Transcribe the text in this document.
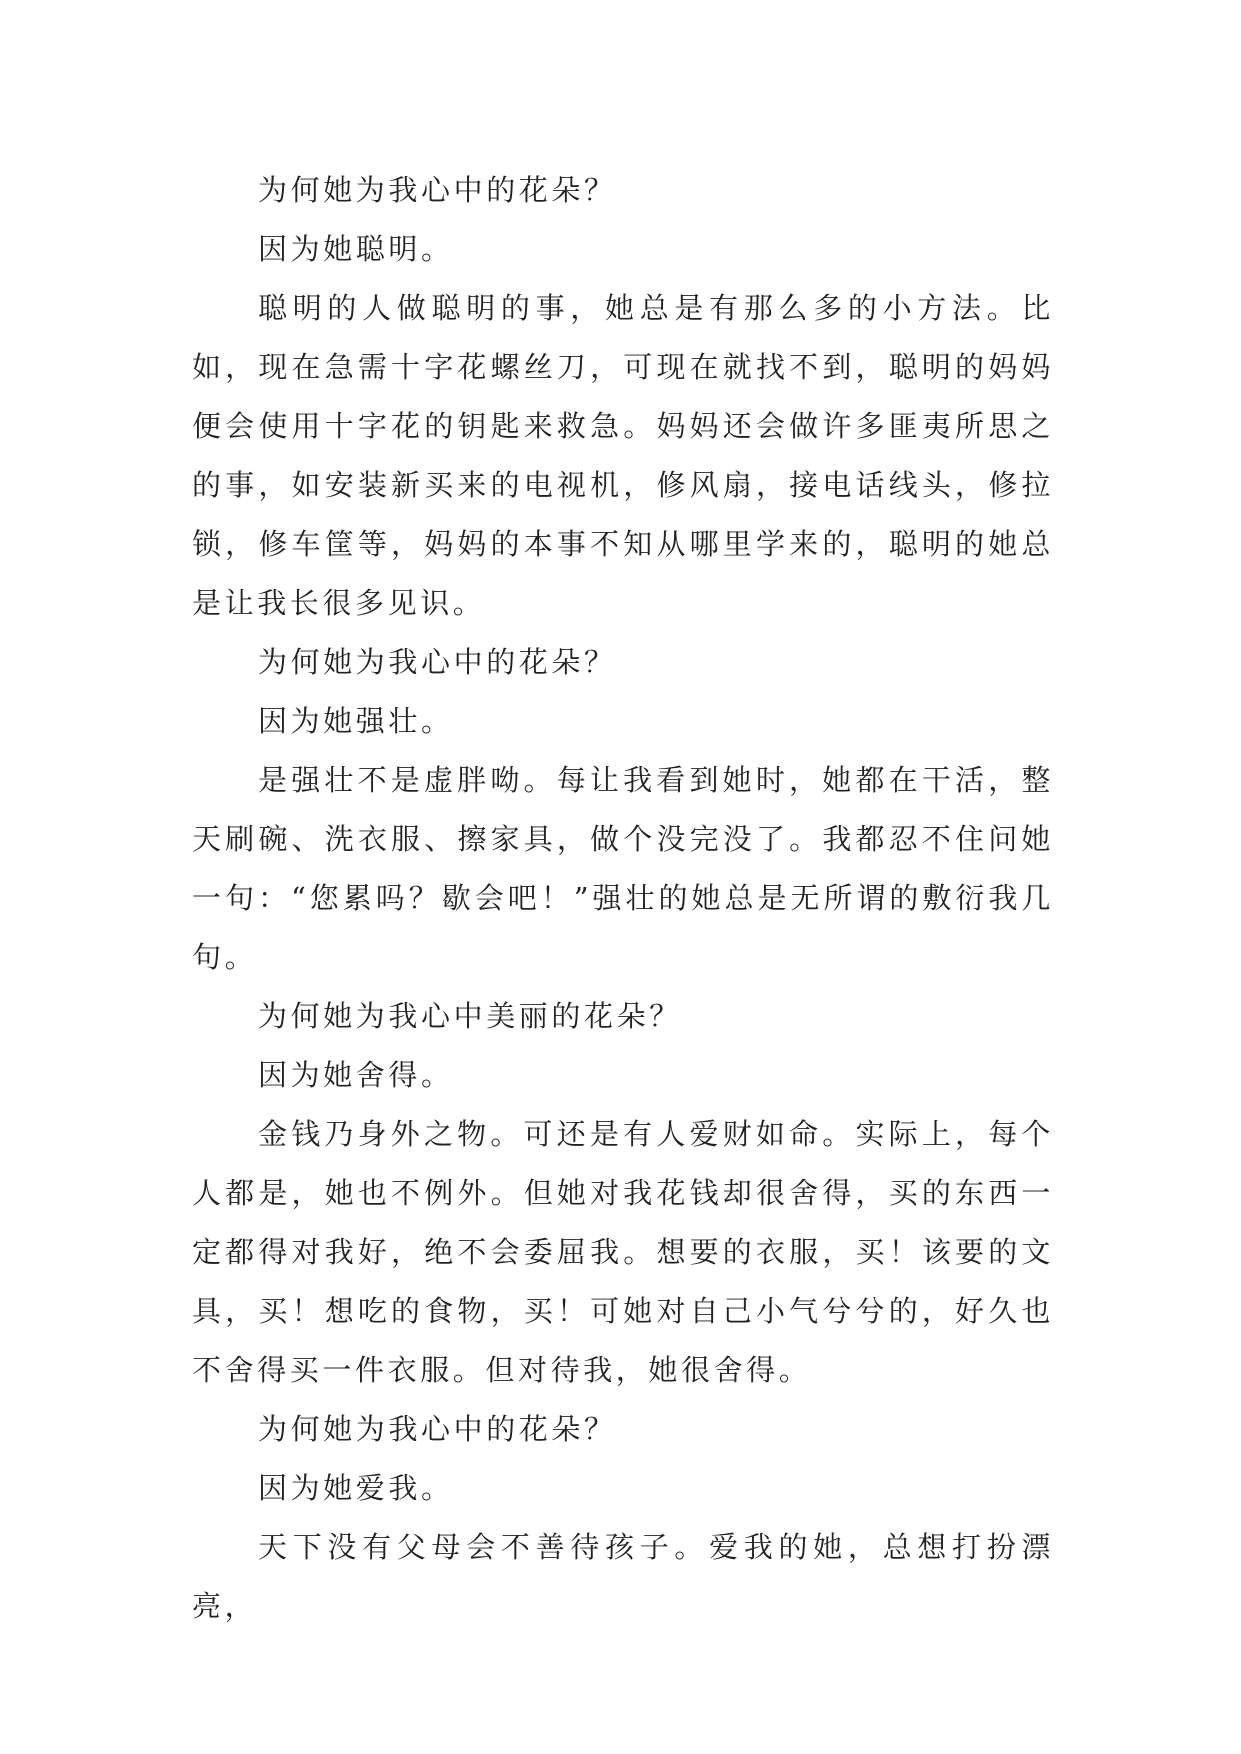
为何她为我心中的花朵？

因为她聪明。

聪明的人做聪明的事，她总是有那么多的小方法。比如，现在急需十字花螺丝刀，可现在就找不到，聪明的妈妈便会使用十字花的钥匙来救急。妈妈还会做许多匪夷所思之的事，如安装新买来的电视机，修风扇，接电话线头，修拉锁，修车筐等，妈妈的本事不知从哪里学来的，聪明的她总是让我长很多见识。

为何她为我心中的花朵？

因为她强壮。

是强壮不是虚胖呦。每让我看到她时，她都在干活，整天刷碗、洗衣服、擦家具，做个没完没了。我都忍不住问她一句：“您累吗？歇会吧！”强壮的她总是无所谓的敷衍我几句。

为何她为我心中美丽的花朵？

因为她舍得。

金钱乃身外之物。可还是有人爱财如命。实际上，每个人都是，她也不例外。但她对我花钱却很舍得，买的东西一定都得对我好，绝不会委屈我。想要的衣服，买！该要的文具，买！想吃的食物，买！可她对自己小气兮兮的，好久也不舍得买一件衣服。但对待我，她很舍得。

为何她为我心中的花朵？

因为她爱我。

天下没有父母会不善待孩子。爱我的她，总想打扮漂亮，
